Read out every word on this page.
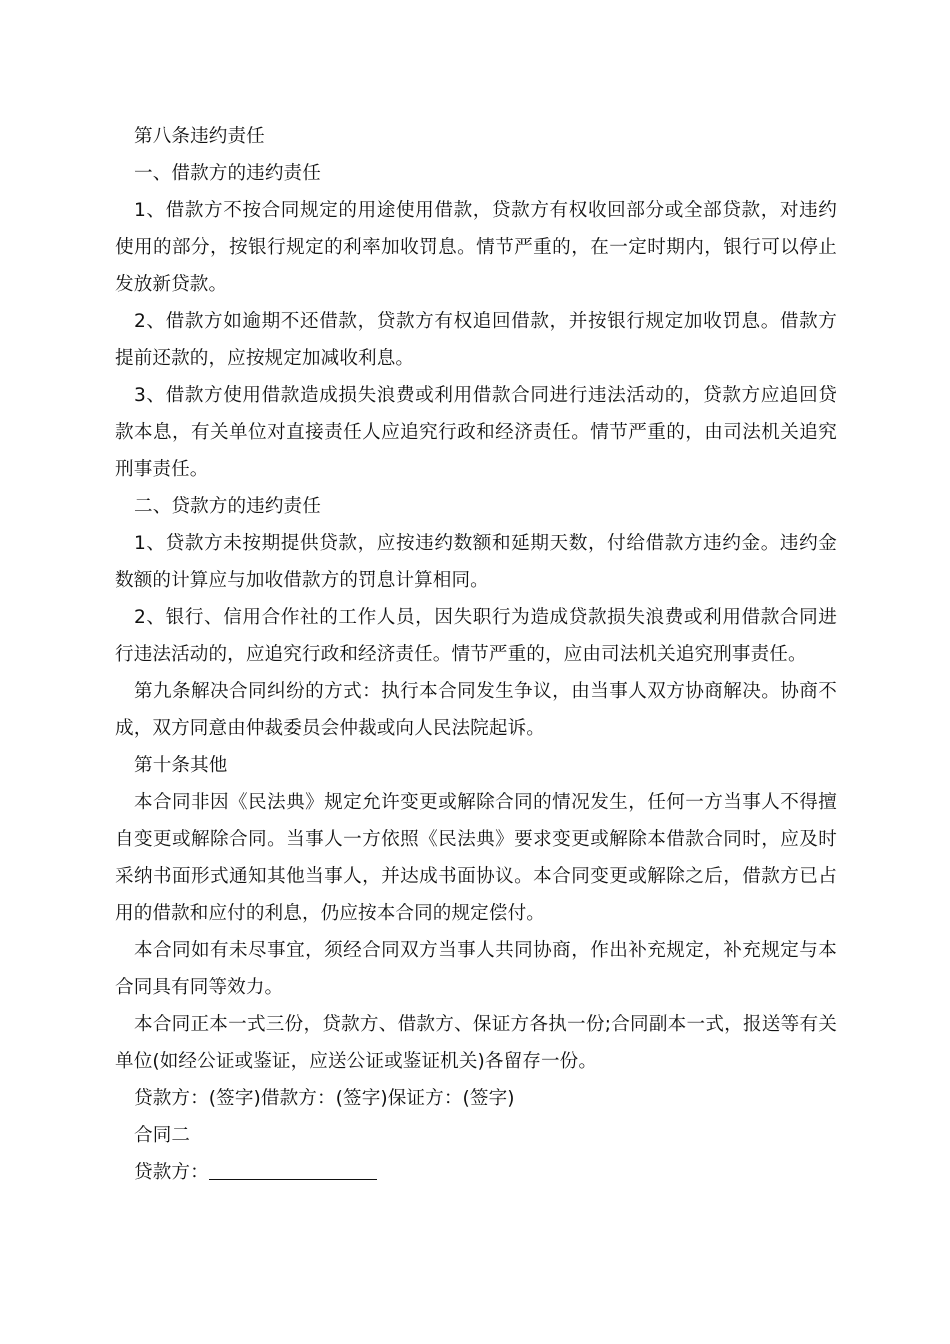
第八条违约责任

一、借款方的违约责任

1、借款方不按合同规定的用途使用借款，贷款方有权收回部分或全部贷款，对违约使用的部分，按银行规定的利率加收罚息。情节严重的，在一定时期内，银行可以停止发放新贷款。

2、借款方如逾期不还借款，贷款方有权追回借款，并按银行规定加收罚息。借款方提前还款的，应按规定加减收利息。

3、借款方使用借款造成损失浪费或利用借款合同进行违法活动的，贷款方应追回贷款本息，有关单位对直接责任人应追究行政和经济责任。情节严重的，由司法机关追究刑事责任。

二、贷款方的违约责任

1、贷款方未按期提供贷款，应按违约数额和延期天数，付给借款方违约金。违约金数额的计算应与加收借款方的罚息计算相同。

2、银行、信用合作社的工作人员，因失职行为造成贷款损失浪费或利用借款合同进行违法活动的，应追究行政和经济责任。情节严重的，应由司法机关追究刑事责任。

第九条解决合同纠纷的方式：执行本合同发生争议，由当事人双方协商解决。协商不成，双方同意由仲裁委员会仲裁或向人民法院起诉。

第十条其他

本合同非因《民法典》规定允许变更或解除合同的情况发生，任何一方当事人不得擅自变更或解除合同。当事人一方依照《民法典》要求变更或解除本借款合同时，应及时采纳书面形式通知其他当事人，并达成书面协议。本合同变更或解除之后，借款方已占用的借款和应付的利息，仍应按本合同的规定偿付。

本合同如有未尽事宜，须经合同双方当事人共同协商，作出补充规定，补充规定与本合同具有同等效力。

本合同正本一式三份，贷款方、借款方、保证方各执一份;合同副本一式，报送等有关单位(如经公证或鉴证，应送公证或鉴证机关)各留存一份。

贷款方：(签字)借款方：(签字)保证方：(签字)

合同二

贷款方：
